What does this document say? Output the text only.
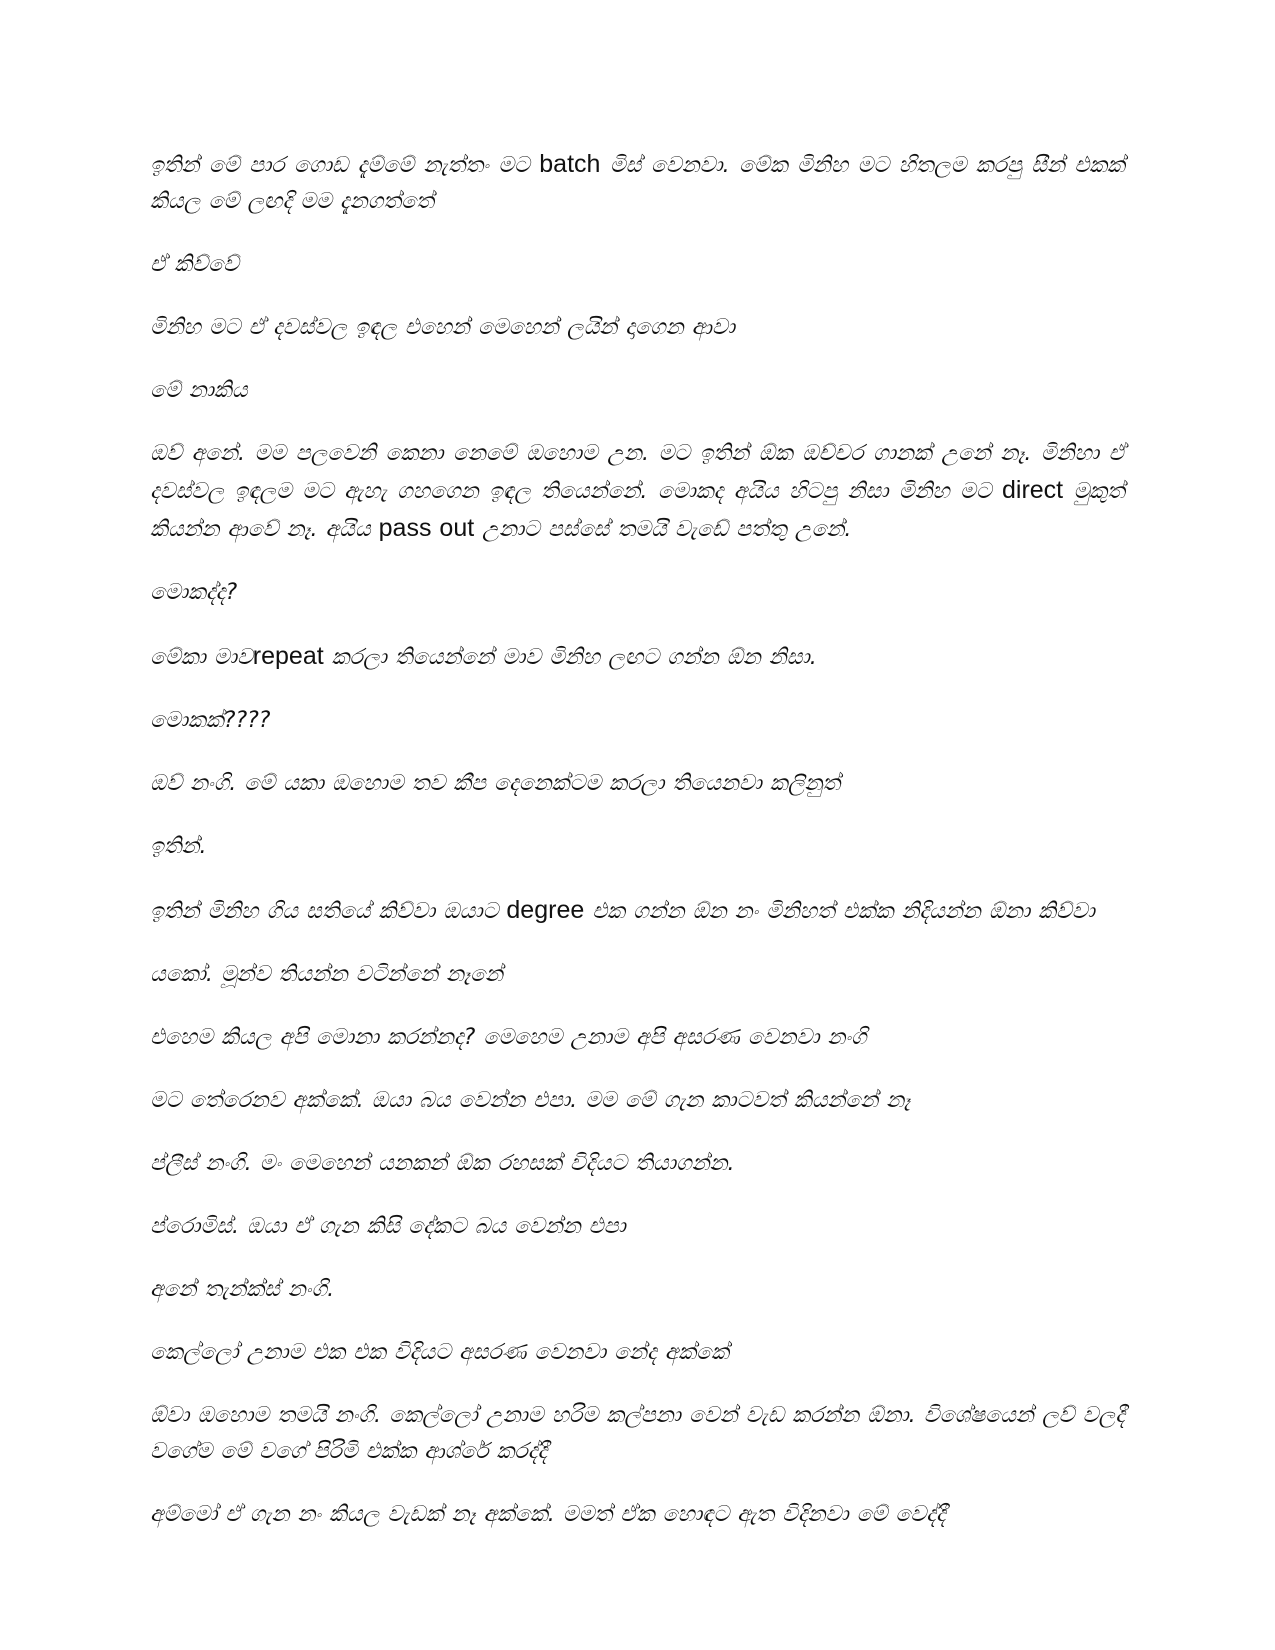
ඉතින් මේ පාර ගොඩ දැම්මේ නැත්තං මට batch මිස් වෙනවා. මේක මිනිහ මට හිතලම කරපු සීන් එකක් කියල මේ ලඟදි මම දැනගත්තේ

ඒ කිව්වේ

මිනිහ මට ඒ දවස්වල ඉඳල එහෙන් මෙහෙන් ලයින් දාගෙන ආවා

මේ නාකිය

ඔව් අනේ. මම පලවෙනි කෙනා නෙමේ ඔහොම උන. මට ඉතින් ඕක ඔච්චර ගානක් උනේ නෑ. මිනිහා ඒ දවස්වල ඉඳලම මට ඇහැ ගහගෙන ඉඳල තියෙන්නේ. මොකද අයිය හිටපු නිසා මිනිහ මට direct මුකුත් කියන්න ආවේ නෑ. අයිය pass out උනාට පස්සේ තමයි වැඩේ පත්තු උනේ.

මොකද්ද?

මේකා මාවrepeat කරලා තියෙන්නේ මාව මිනිහ ලඟට ගන්න ඕන නිසා.

මොකක්????

ඔව් නංගි. මේ යකා ඔහොම තව කීප දෙනෙක්ටම කරලා තියෙනවා කලිනුත්

ඉතින්.

ඉතින් මිනිහ ගිය සතියේ කිව්වා ඔයාට degree එක ගන්න ඕන නං මිනිහත් එක්ක නිදියන්න ඕනා කිව්වා

යකෝ. මූන්ව තියන්න වටින්නේ නෑනේ

එහෙම කියල අපි මොනා කරන්නද? මෙහෙම උනාම අපි අසරණ වෙනවා නංගි

මට තේරෙනව අක්කේ. ඔයා බය වෙන්න එපා. මම මේ ගැන කාටවත් කියන්නේ නෑ

ප්ලීස් නංගි. මං මෙහෙන් යනකන් ඕක රහසක් විදියට තියාගන්න.

ප්රොමිස්. ඔයා ඒ ගැන කිසි දේකට බය වෙන්න එපා

අනේ තැන්ක්ස් නංගි.

කෙල්ලෝ උනාම එක එක විදියට අසරණ වෙනවා නේද අක්කේ

ඕවා ඔහොම තමයි නංගි. කෙල්ලෝ උනාම හරිම කල්පනා වෙන් වැඩ කරන්න ඕනා. විශේෂයෙන් ලව් වලදී වගේම මේ වගේ පිරිමි එක්ක ආශ්රේ කරද්දී

අම්මෝ ඒ ගැන නං කියල වැඩක් නෑ අක්කේ. මමත් ඒක හොඳට ඇත විදිනවා මේ වෙද්දී
